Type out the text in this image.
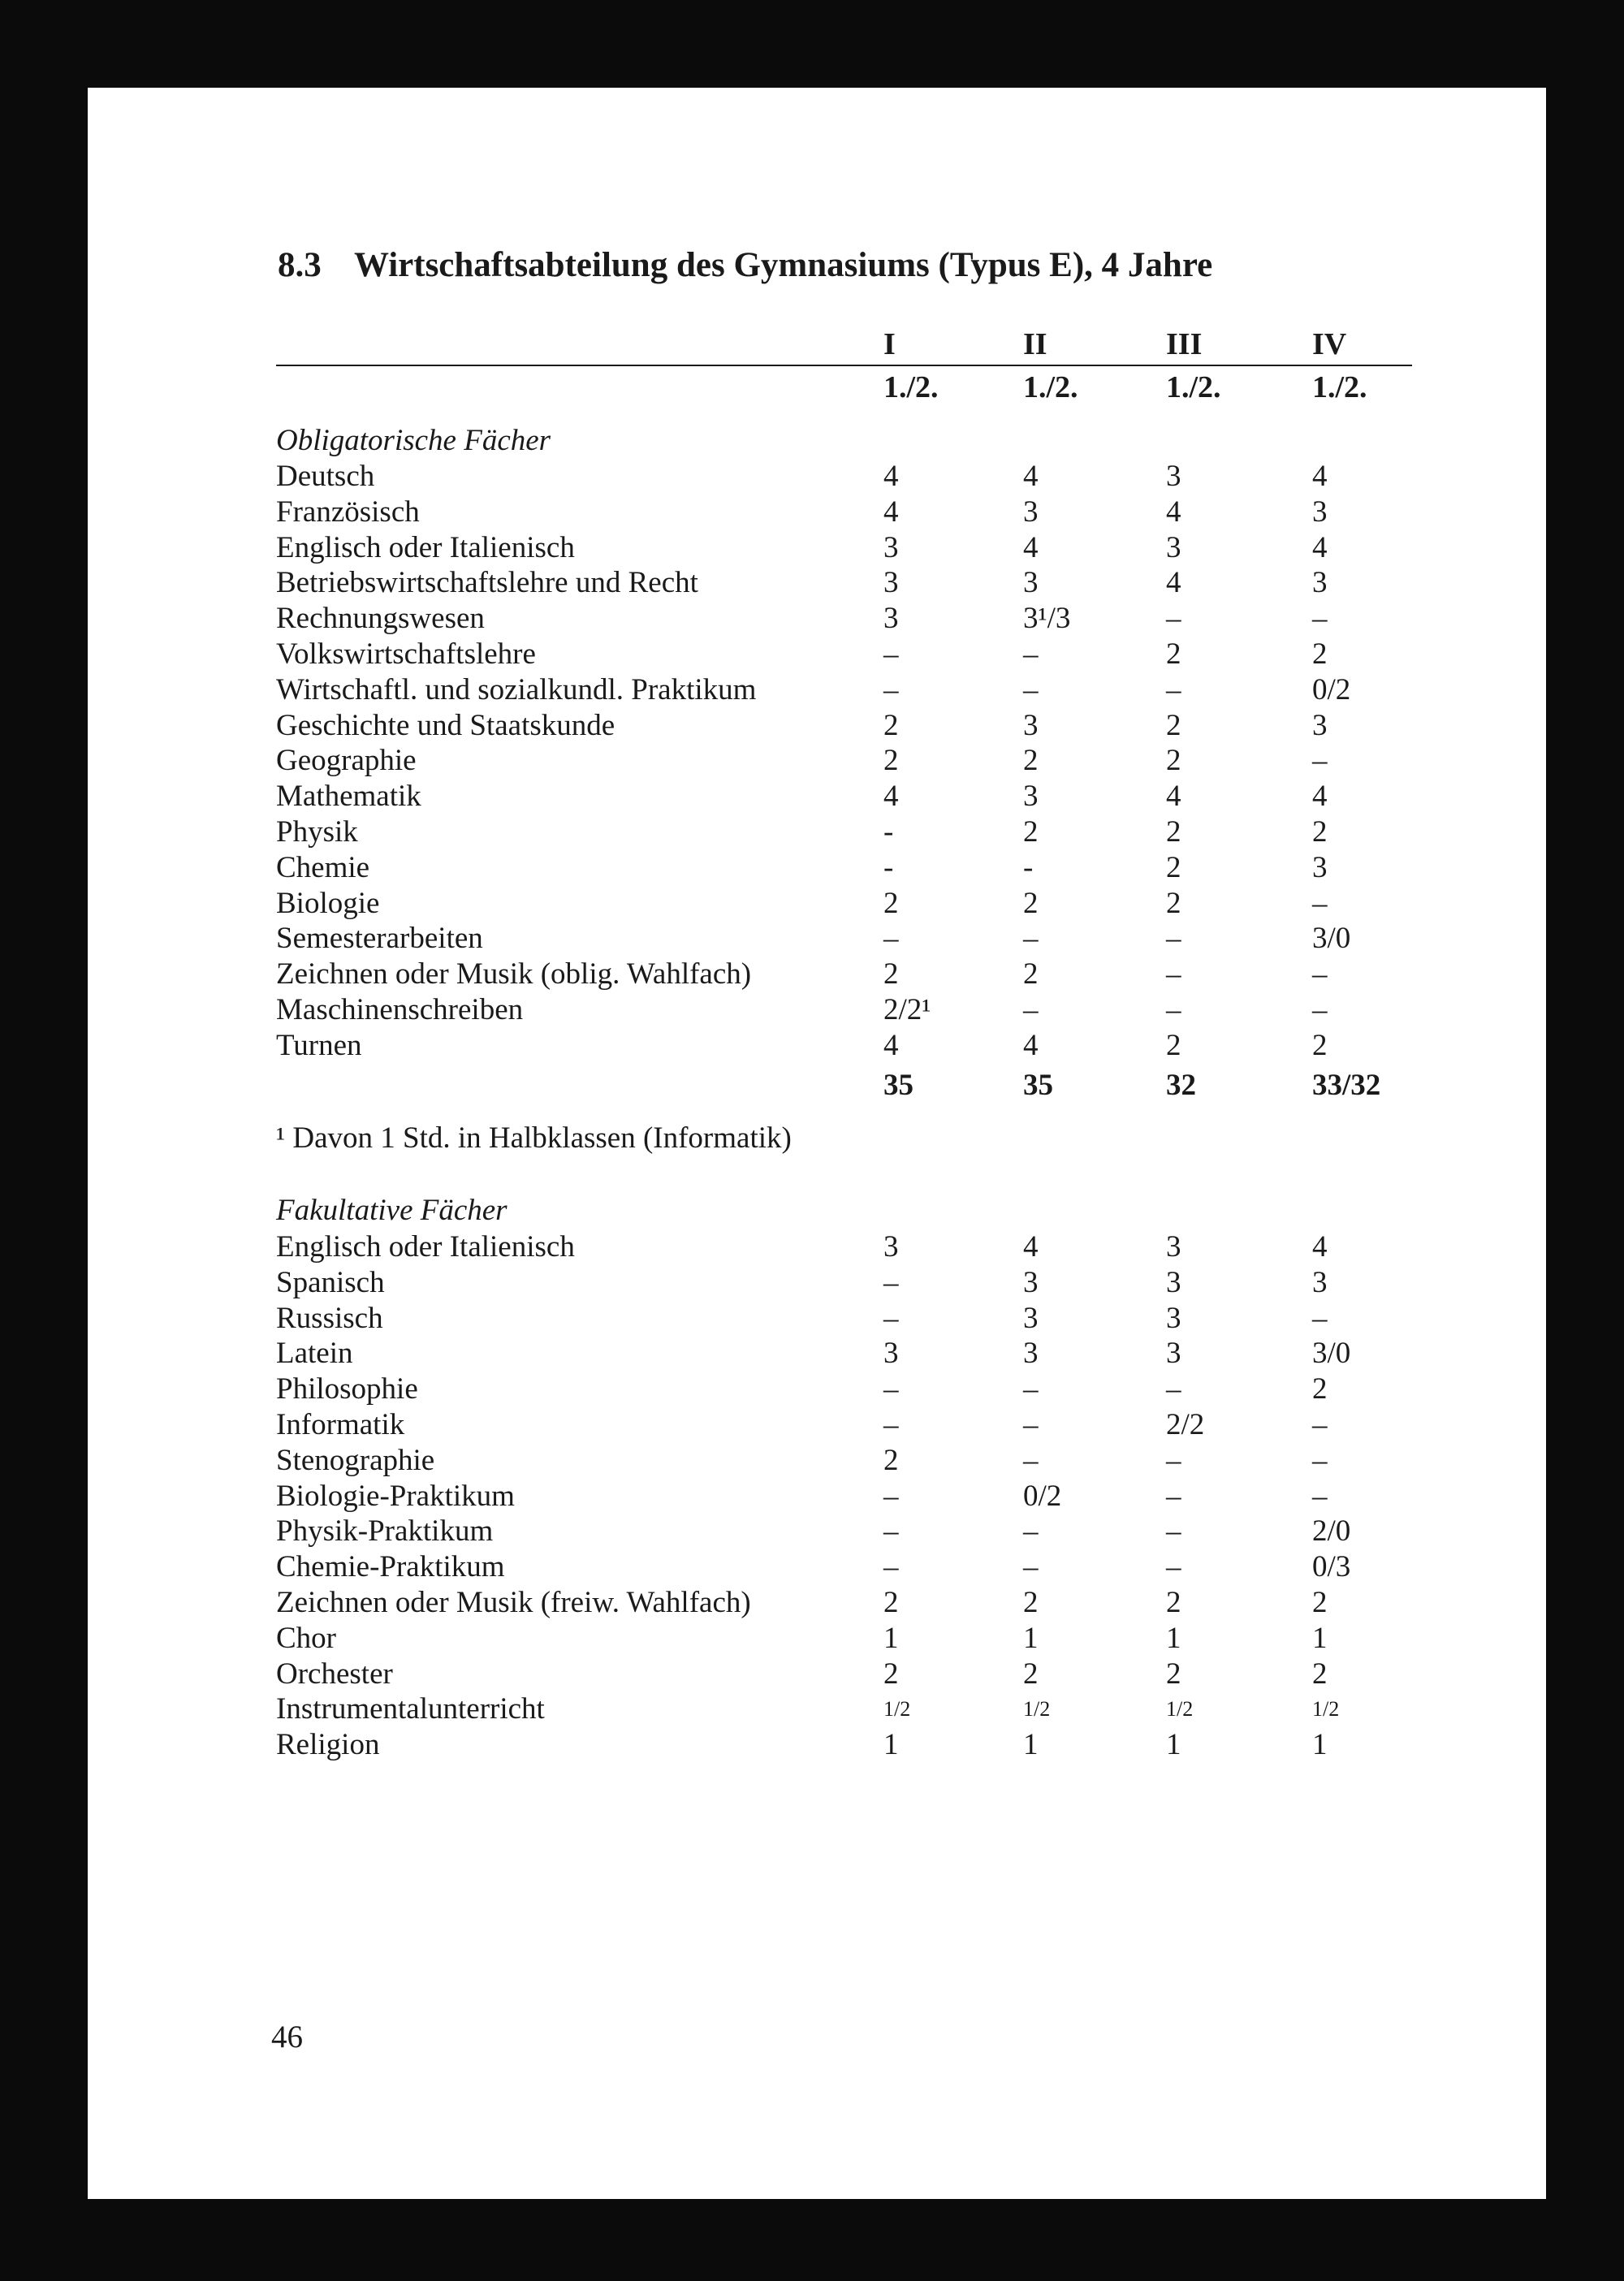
8.3 Wirtschaftsabteilung des Gymnasiums (Typus E), 4 Jahre
I	II	III	IV
1./2.	1./2.	1./2.	1./2.
Obligatorische Fächer
Deutsch	4	4	3	4
Französisch	4	3	4	3
Englisch oder Italienisch	3	4	3	4
Betriebswirtschaftslehre und Recht	3	3	4	3
Rechnungswesen	3	3¹/3	–	–
Volkswirtschaftslehre	–	–	2	2
Wirtschaftl. und sozialkundl. Praktikum	–	–	–	0/2
Geschichte und Staatskunde	2	3	2	3
Geographie	2	2	2	–
Mathematik	4	3	4	4
Physik	-	2	2	2
Chemie	-	-	2	3
Biologie	2	2	2	–
Semesterarbeiten	–	–	–	3/0
Zeichnen oder Musik (oblig. Wahlfach)	2	2	–	–
Maschinenschreiben	2/2¹	–	–	–
Turnen	4	4	2	2
35	35	32	33/32
¹ Davon 1 Std. in Halbklassen (Informatik)
Fakultative Fächer
Englisch oder Italienisch	3	4	3	4
Spanisch	–	3	3	3
Russisch	–	3	3	–
Latein	3	3	3	3/0
Philosophie	–	–	–	2
Informatik	–	–	2/2	–
Stenographie	2	–	–	–
Biologie-Praktikum	–	0/2	–	–
Physik-Praktikum	–	–	–	2/0
Chemie-Praktikum	–	–	–	0/3
Zeichnen oder Musik (freiw. Wahlfach)	2	2	2	2
Chor	1	1	1	1
Orchester	2	2	2	2
Instrumentalunterricht	1/2	1/2	1/2	1/2
Religion	1	1	1	1
46
